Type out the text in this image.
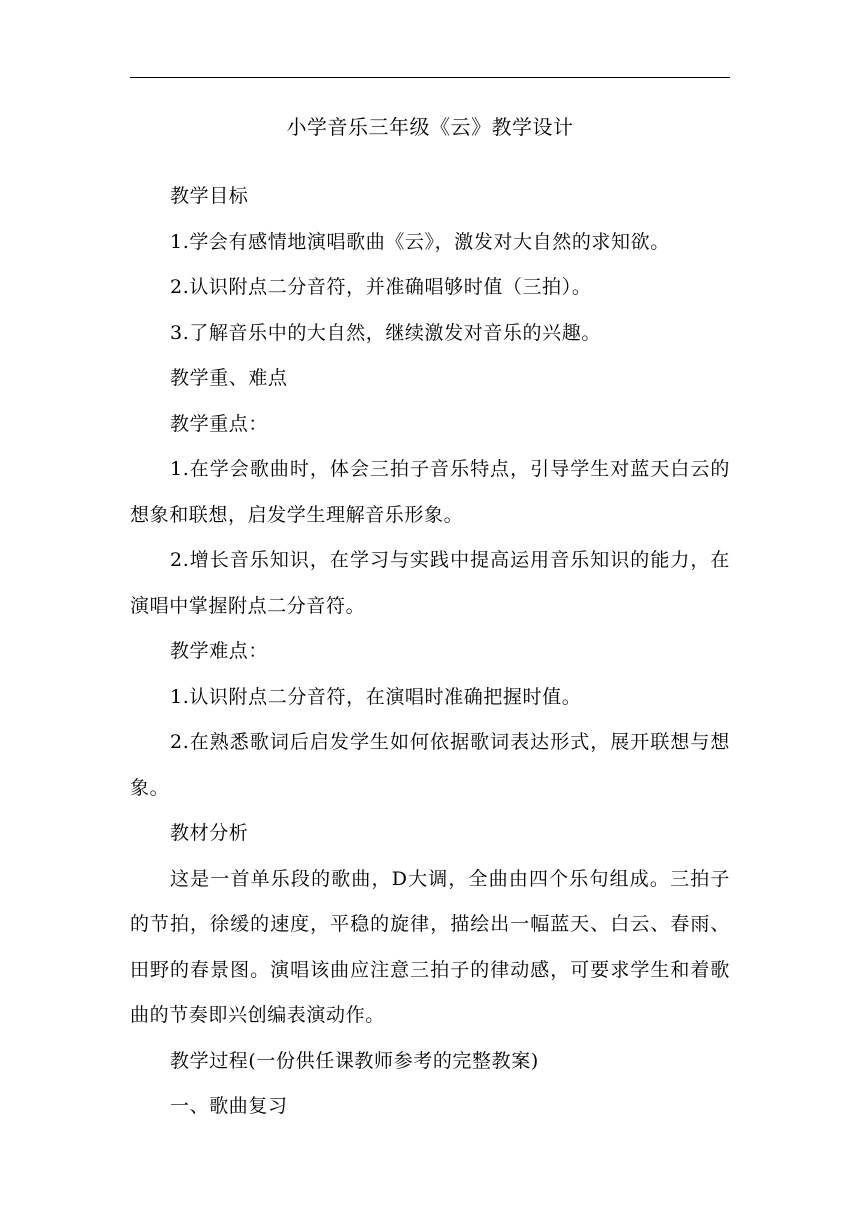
小学音乐三年级《云》教学设计

教学目标

1.学会有感情地演唱歌曲《云》，激发对大自然的求知欲。

2.认识附点二分音符，并准确唱够时值（三拍）。

3.了解音乐中的大自然，继续激发对音乐的兴趣。

教学重、难点

教学重点：

1.在学会歌曲时，体会三拍子音乐特点，引导学生对蓝天白云的想象和联想，启发学生理解音乐形象。

2.增长音乐知识，在学习与实践中提高运用音乐知识的能力，在演唱中掌握附点二分音符。

教学难点：

1.认识附点二分音符，在演唱时准确把握时值。

2.在熟悉歌词后启发学生如何依据歌词表达形式，展开联想与想象。

教材分析

这是一首单乐段的歌曲，D大调，全曲由四个乐句组成。三拍子的节拍，徐缓的速度，平稳的旋律，描绘出一幅蓝天、白云、春雨、田野的春景图。演唱该曲应注意三拍子的律动感，可要求学生和着歌曲的节奏即兴创编表演动作。

教学过程(一份供任课教师参考的完整教案)

一、歌曲复习
